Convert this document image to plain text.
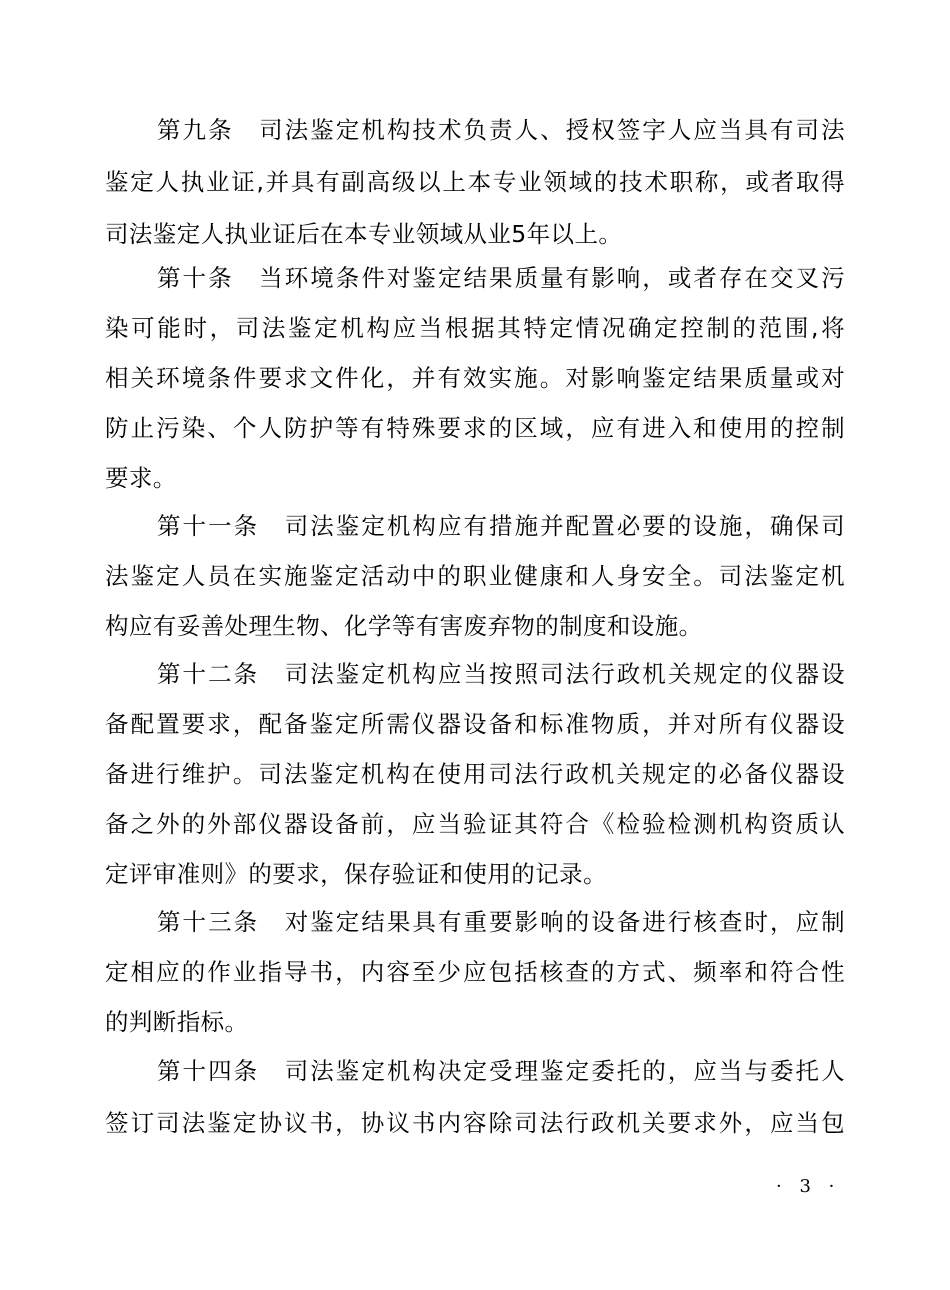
第九条　司法鉴定机构技术负责人、授权签字人应当具有司法
鉴定人执业证,并具有副高级以上本专业领域的技术职称，或者取得
司法鉴定人执业证后在本专业领域从业5年以上。
第十条　当环境条件对鉴定结果质量有影响，或者存在交叉污
染可能时，司法鉴定机构应当根据其特定情况确定控制的范围,将
相关环境条件要求文件化，并有效实施。对影响鉴定结果质量或对
防止污染、个人防护等有特殊要求的区域，应有进入和使用的控制
要求。
第十一条　司法鉴定机构应有措施并配置必要的设施，确保司
法鉴定人员在实施鉴定活动中的职业健康和人身安全。司法鉴定机
构应有妥善处理生物、化学等有害废弃物的制度和设施。
第十二条　司法鉴定机构应当按照司法行政机关规定的仪器设
备配置要求，配备鉴定所需仪器设备和标准物质，并对所有仪器设
备进行维护。司法鉴定机构在使用司法行政机关规定的必备仪器设
备之外的外部仪器设备前，应当验证其符合《检验检测机构资质认
定评审准则》的要求，保存验证和使用的记录。
第十三条　对鉴定结果具有重要影响的设备进行核查时，应制
定相应的作业指导书，内容至少应包括核查的方式、频率和符合性
的判断指标。
第十四条　司法鉴定机构决定受理鉴定委托的，应当与委托人
签订司法鉴定协议书，协议书内容除司法行政机关要求外，应当包
· 3 ·
